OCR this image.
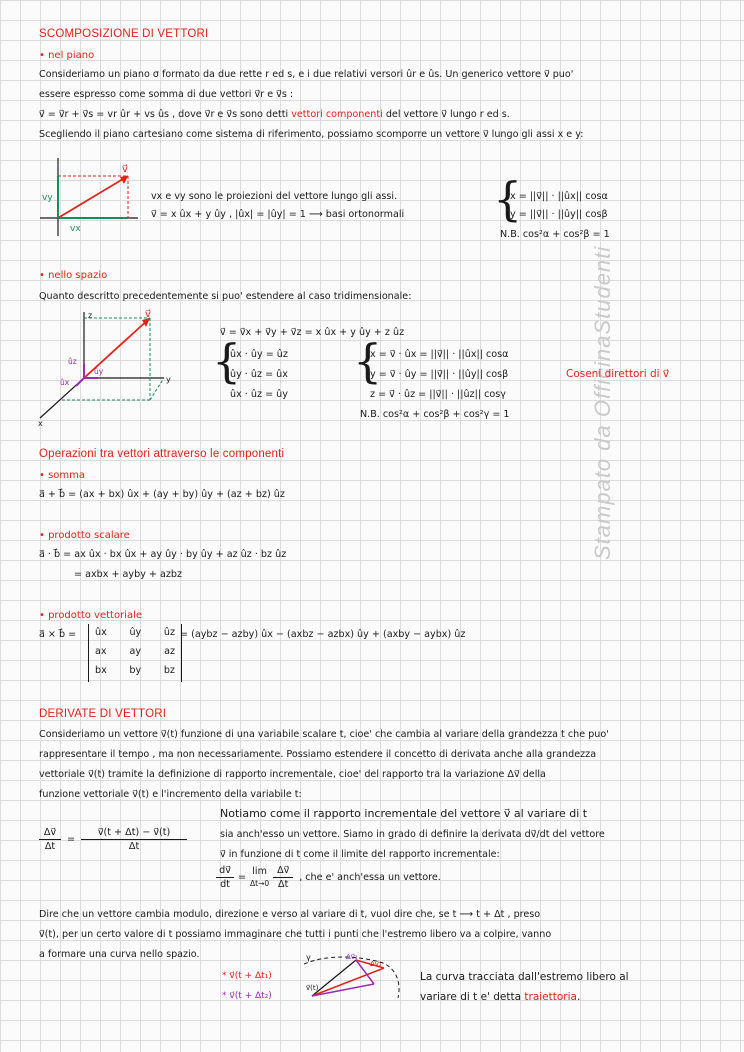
Stampato da OfficinaStudenti
SCOMPOSIZIONE DI VETTORI
• nel piano
Consideriamo un piano σ formato da due rette r ed s, e i due relativi versori ûr e ûs. Un generico vettore v⃗ puo'
essere espresso come somma di due vettori v⃗r e v⃗s :
v⃗ = v⃗r + v⃗s = vr ûr + vs ûs , dove v⃗r e v⃗s sono detti vettori componenti del vettore v⃗ lungo r ed s.
Scegliendo il piano cartesiano come sistema di riferimento, possiamo scomporre un vettore v⃗ lungo gli assi x e y:
v⃗
vy
vx
vx e vy sono le proiezioni del vettore lungo gli assi.
v⃗ = x ûx + y ûy , |ûx| = |ûy| = 1 ⟶ basi ortonormali {
x = ||v⃗|| · ||ûx|| cosα
y = ||v⃗|| · ||ûy|| cosβ
N.B. cos²α + cos²β = 1
• nello spazio
Quanto descritto precedentemente si puo' estendere al caso tridimensionale:
v⃗
z
y
x
ûz
ûy
ûx
v⃗ = v⃗x + v⃗y + v⃗z = x ûx + y ûy + z ûz
{
ûx · ûy = ûz
ûy · ûz = ûx
ûx · ûz = ûy
{
x = v⃗ · ûx = ||v⃗|| · ||ûx|| cosα
y = v⃗ · ûy = ||v⃗|| · ||ûy|| cosβ
z = v⃗ · ûz = ||v⃗|| · ||ûz|| cosγ
N.B. cos²α + cos²β + cos²γ = 1
Coseni direttori di v⃗
Operazioni tra vettori attraverso le componenti
• somma
a⃗ + b⃗ = (ax + bx) ûx + (ay + by) ûy + (az + bz) ûz
• prodotto scalare
a⃗ · b⃗ = ax ûx · bx ûx + ay ûy · by ûy + az ûz · bz ûz
= axbx + ayby + azbz
• prodotto vettoriale
a⃗ × b⃗ = ûx ûy ûz
ax ay az
bx by bz
= (aybz − azby) ûx − (axbz − azbx) ûy + (axby − aybx) ûz
DERIVATE DI VETTORI
Consideriamo un vettore v⃗(t) funzione di una variabile scalare t, cioe' che cambia al variare della grandezza t che puo'
rappresentare il tempo , ma non necessariamente. Possiamo estendere il concetto di derivata anche alla grandezza
vettoriale v⃗(t) tramite la definizione di rapporto incrementale, cioe' del rapporto tra la variazione Δv⃗ della
funzione vettoriale v⃗(t) e l'incremento della variabile t:
Δv⃗
Δt
=
v⃗(t + Δt) − v⃗(t)
Δt
Notiamo come il rapporto incrementale del vettore v⃗ al variare di t
sia anch'esso un vettore. Siamo in grado di definire la derivata dv⃗/dt del vettore
v⃗ in funzione di t come il limite del rapporto incrementale:
dv⃗
dt
=
lim
Δt→0
Δv⃗
Δt
, che e' anch'essa un vettore.
Dire che un vettore cambia modulo, direzione e verso al variare di t, vuol dire che, se t ⟶ t + Δt , preso
v⃗(t), per un certo valore di t possiamo immaginare che tutti i punti che l'estremo libero va a colpire, vanno
a formare una curva nello spazio.
* v⃗(t + Δt₁)
* v⃗(t + Δt₂)
γ
v⃗(t)
Δv⃗₁
Δv⃗₂
La curva tracciata dall'estremo libero al
variare di t e' detta traiettoria.
